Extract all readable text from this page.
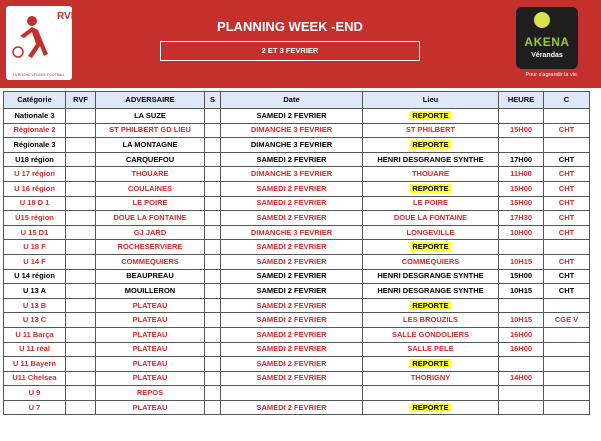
RVF
LA ROCHE VENDEE FOOTBALL
PLANNING WEEK -END
2 ET 3 FEVRIER
AKENA
Vérandas
Pour s'agrandir la vie.
Catégorie	RVF	ADVERSAIRE	S	Date	Lieu	HEURE	C
Nationale 3		LA SUZE		SAMEDI 2 FEVRIER	REPORTE		
Régionale 2		ST PHILBERT GD LIEU		DIMANCHE 3 FEVRIER	ST PHILBERT	15H00	CHT
Régionale 3		LA MONTAGNE		DIMANCHE 3 FEVRIER	REPORTE		
U18 région		CARQUEFOU		SAMEDI 2 FEVRIER	HENRI DESGRANGE SYNTHE	17H00	CHT
U 17 région		THOUARE		DIMANCHE 3 FEVRIER	THOUARE	11H00	CHT
U 16 région		COULAINES		SAMEDI 2 FEVRIER	REPORTE	15H00	CHT
U 18 D 1		LE POIRE		SAMEDI 2 FEVRIER	LE POIRE	15H00	CHT
U15 région		DOUE LA FONTAINE		SAMEDI 2 FEVRIER	DOUE LA FONTAINE	17H30	CHT
U 15 D1		GJ JARD		DIMANCHE 3 FEVRIER	LONGEVILLE	10H00	CHT
U 18 F		ROCHESERVIERE		SAMEDI 2 FEVRIER	REPORTE		
U 14 F		COMMEQUIERS		SAMEDI 2 FEVRIER	COMMEQUIERS	10H15	CHT
U 14 région		BEAUPREAU		SAMEDI 2 FEVRIER	HENRI DESGRANGE SYNTHE	15H00	CHT
U 13 A		MOUILLERON		SAMEDI 2 FEVRIER	HENRI DESGRANGE SYNTHE	10H15	CHT
U 13 B		PLATEAU		SAMEDI 2 FEVRIER	REPORTE		
U 13 C		PLATEAU		SAMEDI 2 FEVRIER	LES BROUZILS	10H15	CGE V
U 11 Barça		PLATEAU		SAMEDI 2 FEVRIER	SALLE GONDOLIERS	16H00	
U 11 réal		PLATEAU		SAMEDI 2 FEVRIER	SALLE PELE	16H00	
U 11 Bayern		PLATEAU		SAMEDI 2 FEVRIER	REPORTE		
U11 Chelsea		PLATEAU		SAMEDI 2 FEVRIER	THORIGNY	14H00	
U 9		REPOS					
U 7		PLATEAU		SAMEDI 2 FEVRIER	REPORTE		
